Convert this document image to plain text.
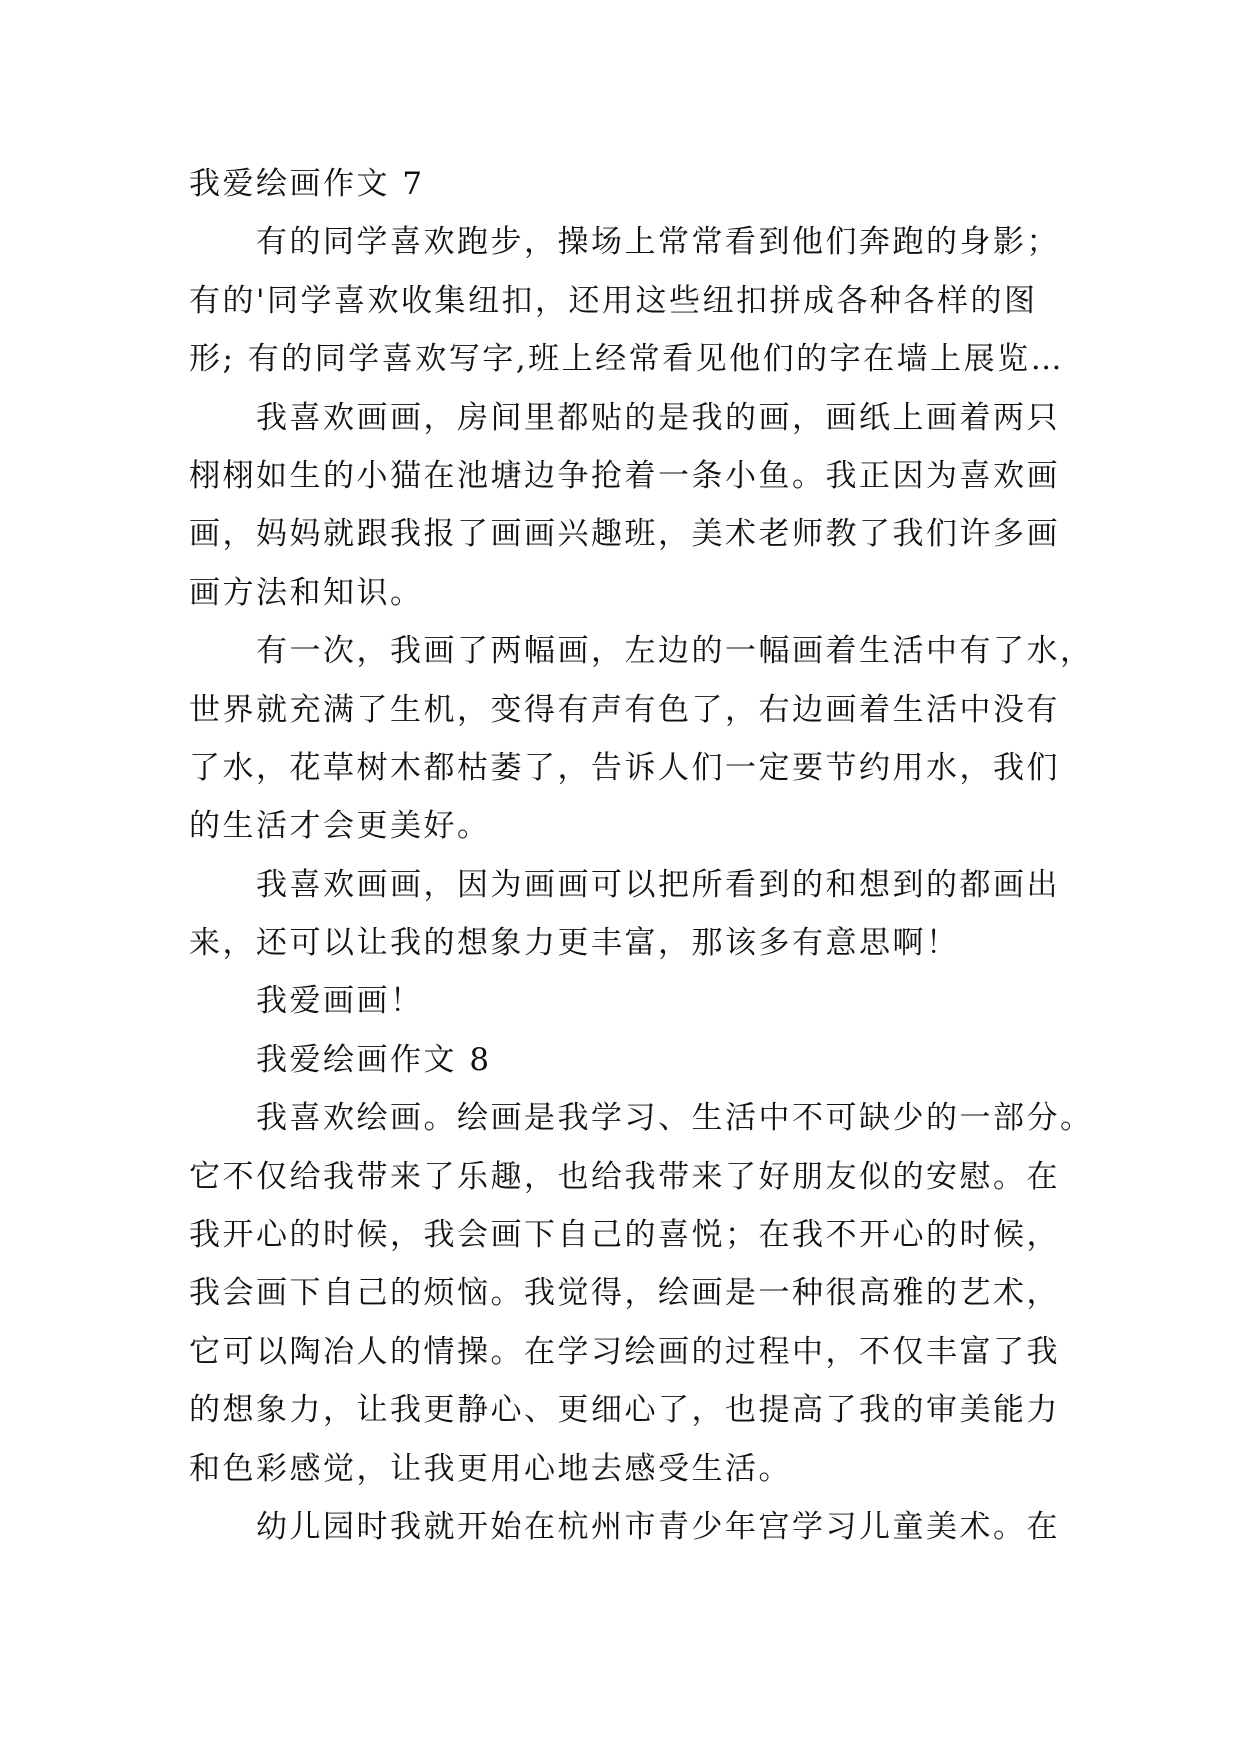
我爱绘画作文 7
有的同学喜欢跑步，操场上常常看到他们奔跑的身影；
有的'同学喜欢收集纽扣，还用这些纽扣拼成各种各样的图
形; 有的同学喜欢写字,班上经常看见他们的字在墙上展览…
我喜欢画画，房间里都贴的是我的画，画纸上画着两只
栩栩如生的小猫在池塘边争抢着一条小鱼。我正因为喜欢画
画，妈妈就跟我报了画画兴趣班，美术老师教了我们许多画
画方法和知识。
有一次，我画了两幅画，左边的一幅画着生活中有了水，
世界就充满了生机，变得有声有色了，右边画着生活中没有
了水，花草树木都枯萎了，告诉人们一定要节约用水，我们
的生活才会更美好。
我喜欢画画，因为画画可以把所看到的和想到的都画出
来，还可以让我的想象力更丰富，那该多有意思啊！
我爱画画！
我爱绘画作文 8
我喜欢绘画。绘画是我学习、生活中不可缺少的一部分。
它不仅给我带来了乐趣，也给我带来了好朋友似的安慰。在
我开心的时候，我会画下自己的喜悦；在我不开心的时候，
我会画下自己的烦恼。我觉得，绘画是一种很高雅的艺术，
它可以陶冶人的情操。在学习绘画的过程中，不仅丰富了我
的想象力，让我更静心、更细心了，也提高了我的审美能力
和色彩感觉，让我更用心地去感受生活。
幼儿园时我就开始在杭州市青少年宫学习儿童美术。在
